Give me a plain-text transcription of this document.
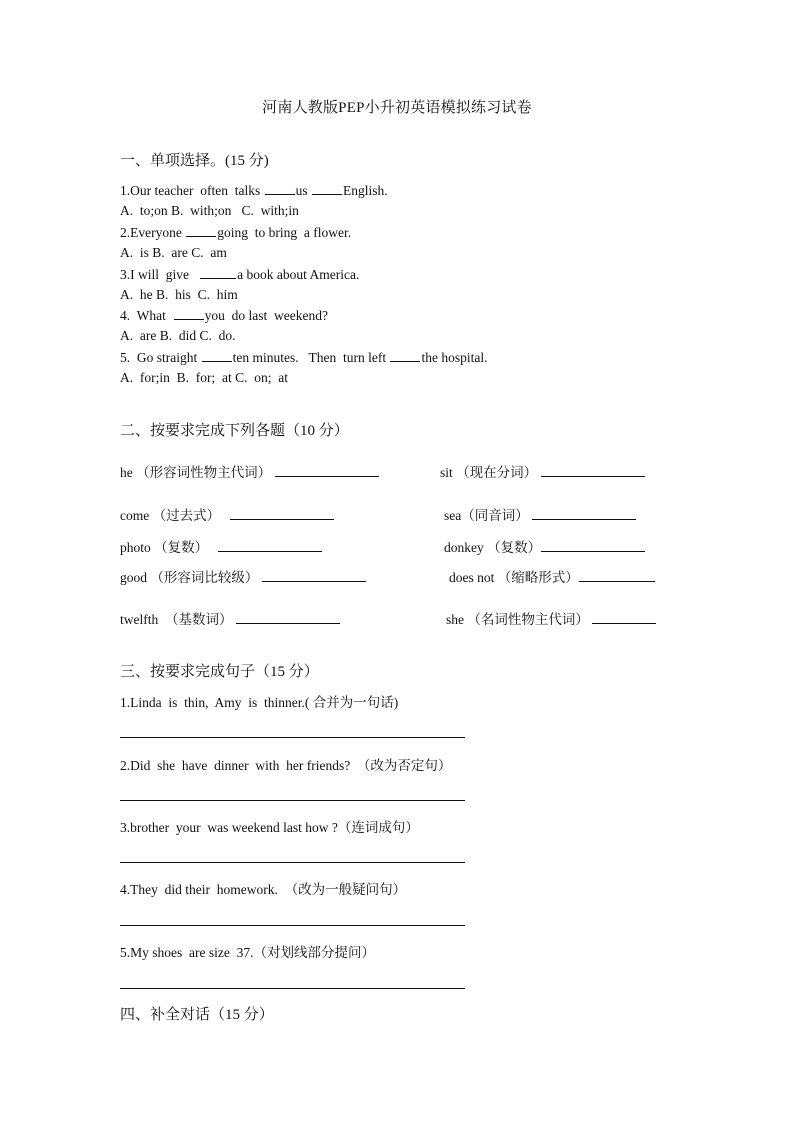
河南人教版PEP小升初英语模拟练习试卷
一、单项选择。(15 分)
1.Our teacher  often  talks	us	English.
A.  to;on B.  with;on   C.  with;in
2.Everyone going  to bring  a flower.
A.  is B.  are C.  am
3.I will  give	a book about America.
A.  he B.  his  C.  him
4.  What  you  do last  weekend?
A.  are B.  did C.  do.
5.  Go straight ten minutes.   Then  turn left the hospital.
A.  for;in  B.  for;  at C.  on;  at
二、按要求完成下列各题（10 分）
he （形容词性物主代词）	sit （现在分词）
come （过去式）	sea（同音词）
photo （复数）	donkey （复数）
good （形容词比较级）	does not （缩略形式）
twelfth  （基数词）	she （名词性物主代词）
三、按要求完成句子（15 分）
1.Linda  is  thin,  Amy  is  thinner.( 合并为一句话)
2.Did  she  have  dinner  with  her friends?  （改为否定句）
3.brother  your  was weekend last how ?（连词成句）
4.They  did their  homework.  （改为一般疑问句）
5.My shoes  are size  37.（对划线部分提问）
四、补全对话（15 分）
